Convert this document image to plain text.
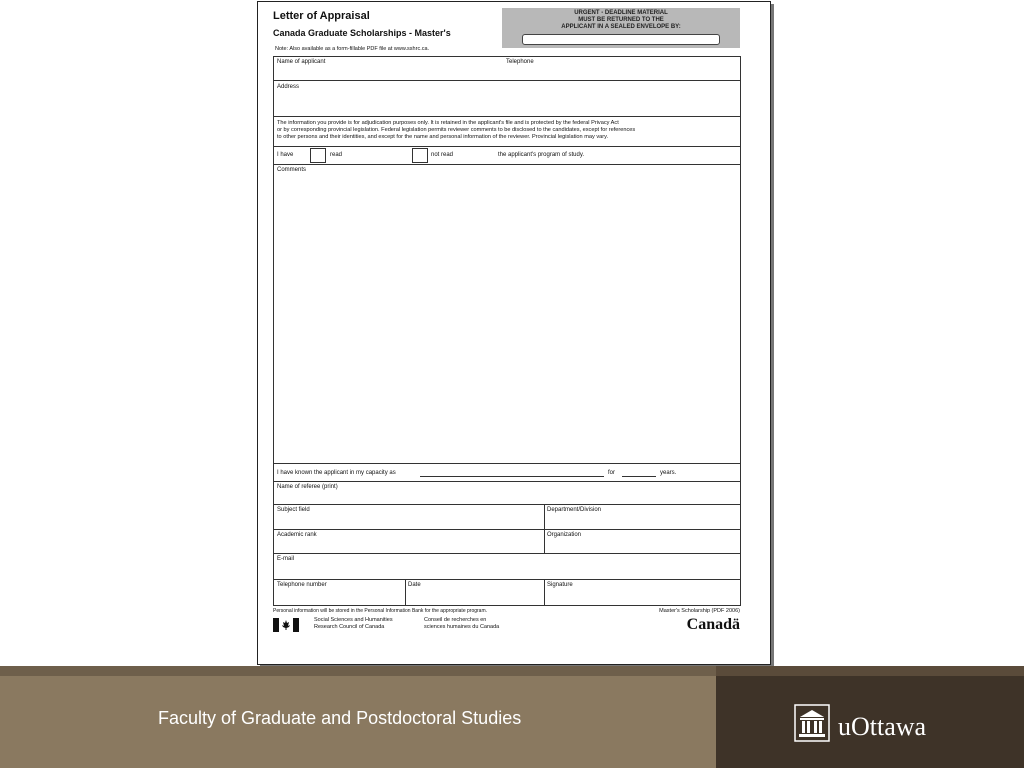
Letter of Appraisal
Canada Graduate Scholarships - Master's
URGENT - DEADLINE MATERIAL
MUST BE RETURNED TO THE
APPLICANT IN A SEALED ENVELOPE BY:
Note: Also available as a form-fillable PDF file at www.sshrc.ca.
Name of applicant	Telephone
Address
The information you provide is for adjudication purposes only. It is retained in the applicant's file and is protected by the federal Privacy Act
or by corresponding provincial legislation. Federal legislation permits reviewer comments to be disclosed to the candidates, except for references
to other persons and their identities, and except for the name and personal information of the reviewer. Provincial legislation may vary.
I have	read	not read	the applicant's program of study.
Comments
I have known the applicant in my capacity as	for	years.
Name of referee (print)
Subject field	Department/Division
Academic rank	Organization
E-mail
Telephone number	Date	Signature
Personal information will be stored in the Personal Information Bank for the appropriate program.	Master's Scholarship (PDF 2006)
Social Sciences and Humanities
Research Council of Canada
Conseil de recherches en
sciences humaines du Canada	Canadä
Faculty of Graduate and Postdoctoral Studies	uOttawa
